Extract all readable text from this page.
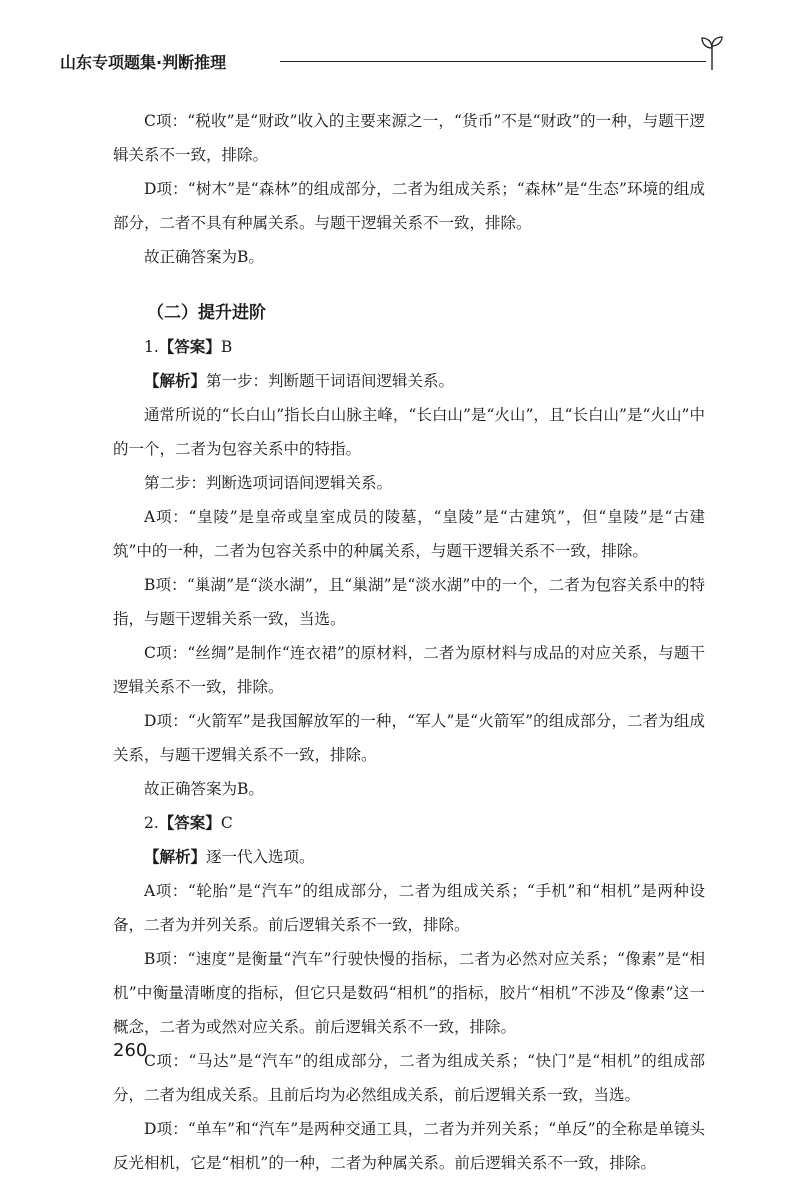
山东专项题集·判断推理

C项：“税收”是“财政”收入的主要来源之一，“货币”不是“财政”的一种，与题干逻辑关系不一致，排除。

D项：“树木”是“森林”的组成部分，二者为组成关系；“森林”是“生态”环境的组成部分，二者不具有种属关系。与题干逻辑关系不一致，排除。

故正确答案为B。

（二）提升进阶

1.【答案】B

【解析】第一步：判断题干词语间逻辑关系。

通常所说的“长白山”指长白山脉主峰，“长白山”是“火山”，且“长白山”是“火山”中的一个，二者为包容关系中的特指。

第二步：判断选项词语间逻辑关系。

A项：“皇陵”是皇帝或皇室成员的陵墓，“皇陵”是“古建筑”，但“皇陵”是“古建筑”中的一种，二者为包容关系中的种属关系，与题干逻辑关系不一致，排除。

B项：“巢湖”是“淡水湖”，且“巢湖”是“淡水湖”中的一个，二者为包容关系中的特指，与题干逻辑关系一致，当选。

C项：“丝绸”是制作“连衣裙”的原材料，二者为原材料与成品的对应关系，与题干逻辑关系不一致，排除。

D项：“火箭军”是我国解放军的一种，“军人”是“火箭军”的组成部分，二者为组成关系，与题干逻辑关系不一致，排除。

故正确答案为B。

2.【答案】C

【解析】逐一代入选项。

A项：“轮胎”是“汽车”的组成部分，二者为组成关系；“手机”和“相机”是两种设备，二者为并列关系。前后逻辑关系不一致，排除。

B项：“速度”是衡量“汽车”行驶快慢的指标，二者为必然对应关系；“像素”是“相机”中衡量清晰度的指标，但它只是数码“相机”的指标，胶片“相机”不涉及“像素”这一概念，二者为或然对应关系。前后逻辑关系不一致，排除。

C项：“马达”是“汽车”的组成部分，二者为组成关系；“快门”是“相机”的组成部分，二者为组成关系。且前后均为必然组成关系，前后逻辑关系一致，当选。

D项：“单车”和“汽车”是两种交通工具，二者为并列关系；“单反”的全称是单镜头反光相机，它是“相机”的一种，二者为种属关系。前后逻辑关系不一致，排除。

260
